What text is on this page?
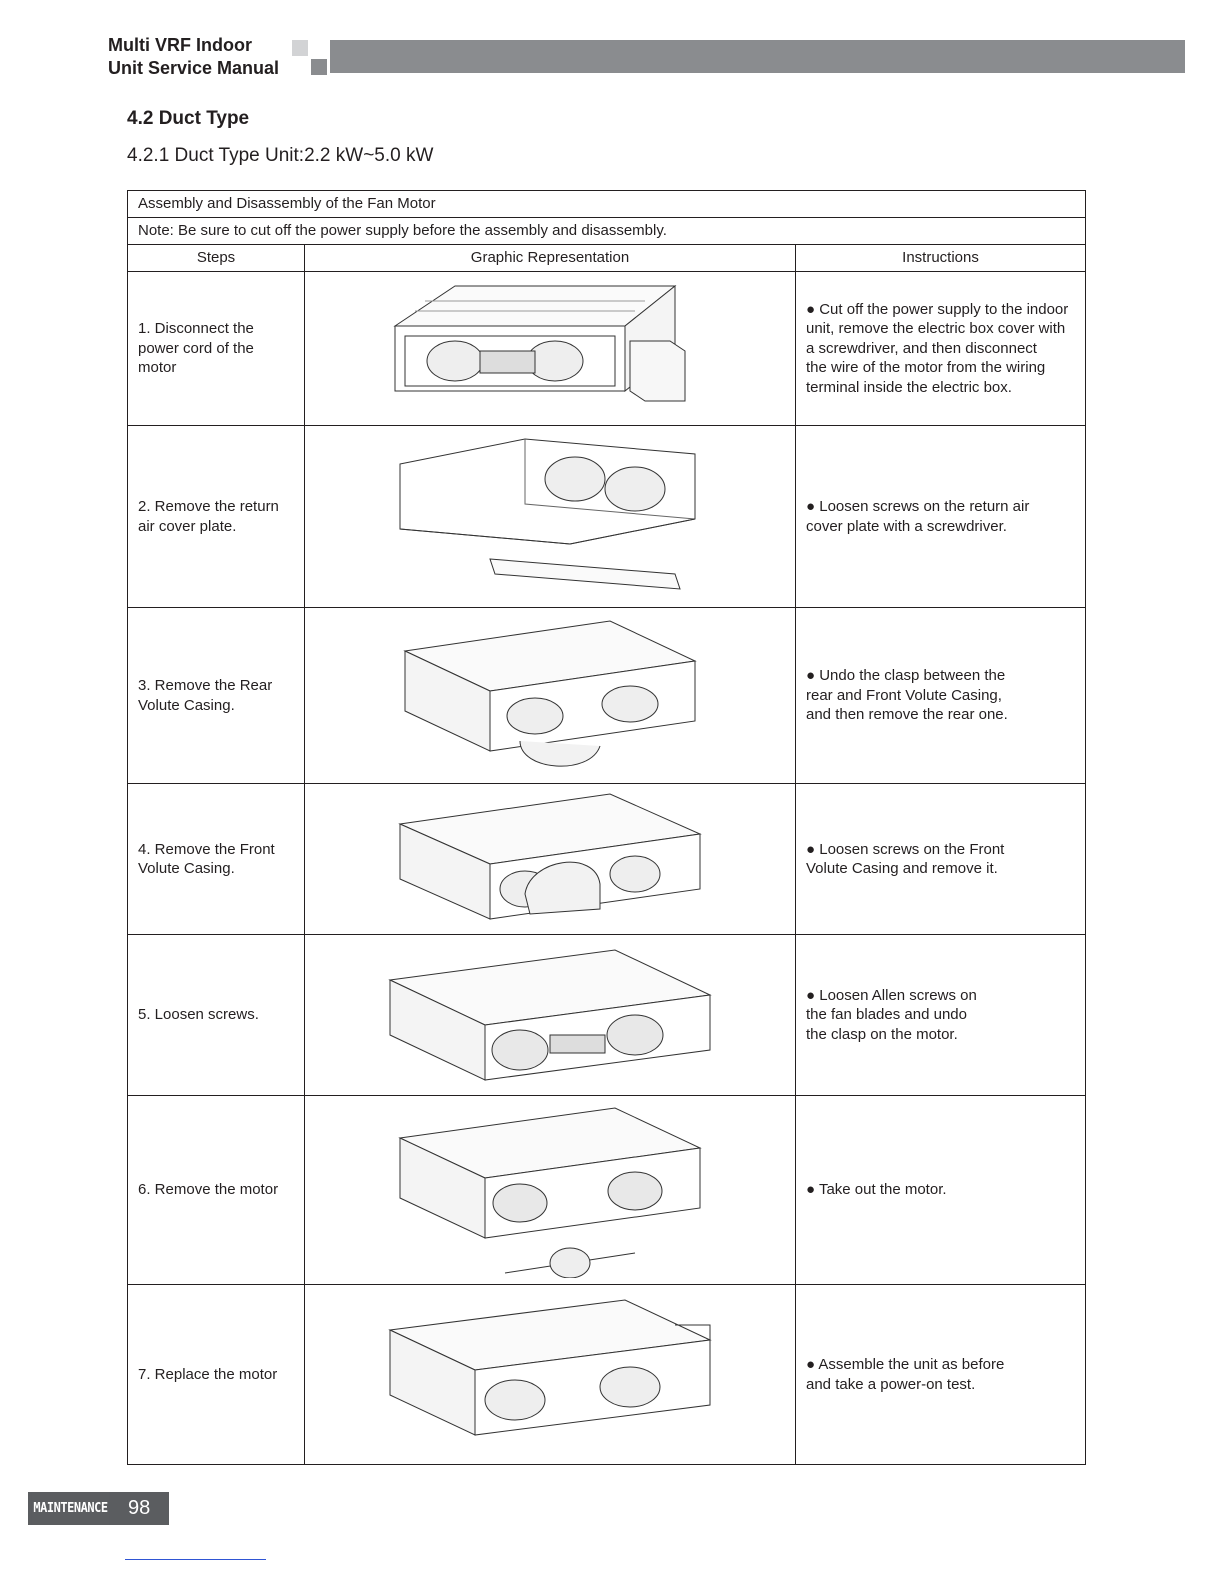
Multi VRF Indoor
Unit Service Manual
4.2 Duct Type
4.2.1 Duct Type Unit:2.2 kW~5.0 kW
Assembly and Disassembly of the Fan Motor		
Note: Be sure to cut off the power supply before the assembly and disassembly.		
Steps	Graphic Representation	Instructions
1. Disconnect the
power cord of the
motor		● Cut off the power supply to the indoor
unit, remove the electric box cover with
a screwdriver, and then disconnect
the wire of the motor from the wiring
terminal inside the electric box.
2. Remove the return
air cover plate.		● Loosen screws on the return air
cover plate with a screwdriver.
3. Remove the Rear
Volute Casing.		● Undo the clasp between the
rear and Front Volute Casing,
and then remove the rear one.
4. Remove the Front
Volute Casing.		● Loosen screws on the Front
Volute Casing and remove it.
5. Loosen screws.		● Loosen Allen screws on
the fan blades and undo
the clasp on the motor.
6. Remove the motor		● Take out the motor.
7. Replace the motor		● Assemble the unit as before
and take a power-on test.
MAINTENANCE 98
